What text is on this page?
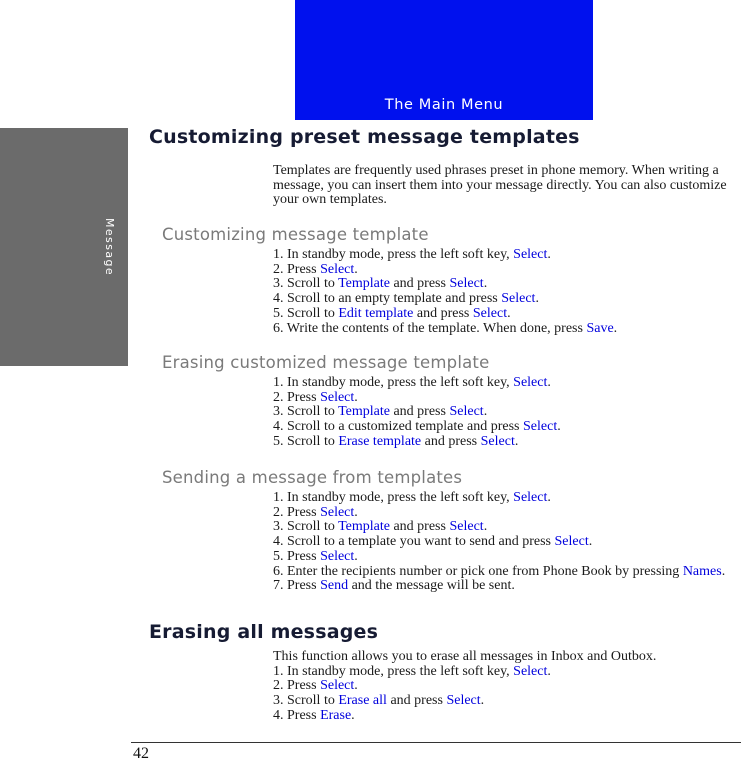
The Main Menu
Message
Customizing preset message templates

Templates are frequently used phrases preset in phone memory. When writing a message, you can insert them into your message directly. You can also customize your own templates.

Customizing message template
1. In standby mode, press the left soft key, Select.
2. Press Select.
3. Scroll to Template and press Select.
4. Scroll to an empty template and press Select.
5. Scroll to Edit template and press Select.
6. Write the contents of the template. When done, press Save.
Erasing customized message template
1. In standby mode, press the left soft key, Select.
2. Press Select.
3. Scroll to Template and press Select.
4. Scroll to a customized template and press Select.
5. Scroll to Erase template and press Select.
Sending a message from templates
1. In standby mode, press the left soft key, Select.
2. Press Select.
3. Scroll to Template and press Select.
4. Scroll to a template you want to send and press Select.
5. Press Select.
6. Enter the recipients number or pick one from Phone Book by pressing Names.
7. Press Send and the message will be sent.
Erasing all messages

This function allows you to erase all messages in Inbox and Outbox.

1. In standby mode, press the left soft key, Select.
2. Press Select.
3. Scroll to Erase all and press Select.
4. Press Erase.
42
